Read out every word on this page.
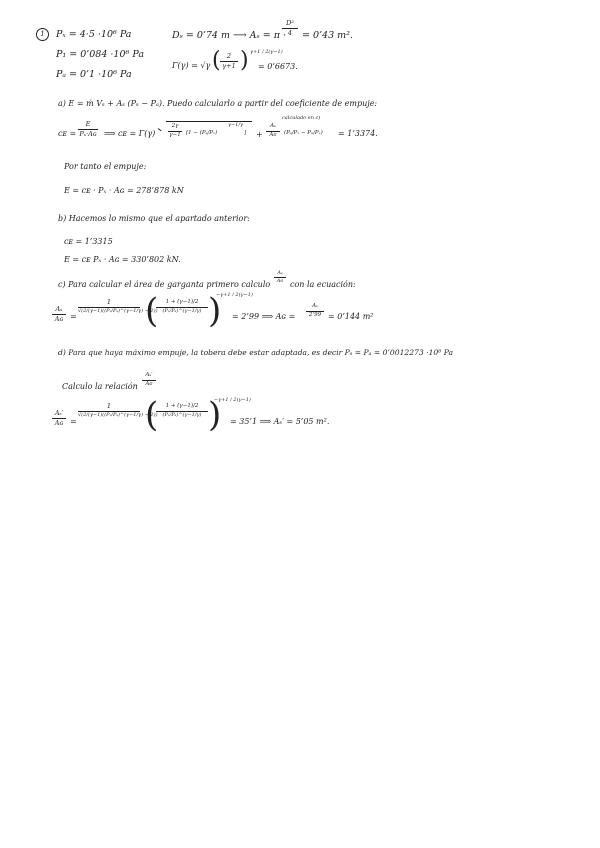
1	Pₓ = 4·5 ·10⁶ Pa
P₁ = 0’084 ·10⁶ Pa
Pₐ = 0’1 ·10⁶ Pa
Dₛ = 0’74 m ⟶ Aₛ = π ·
D²
4	= 0’43 m².
Γ(γ) = √γ ( 2
γ+1 ) γ+1 / 2(γ−1)
= 0’6673.
a) E = ṁ Vₛ + Aₛ (Pₛ − Pₐ). Puedo calcularlo a partir del coeficiente de empuje:
calculado en c)
cᴇ =
E
Pₓ·Aɢ ⟹ cᴇ = Γ(γ)
2γ
γ−1 [1 − (Pₛ/Pₓ)
γ−1/γ
] +
Aₛ
Aɢ	(Pₛ/Pₓ − Pₐ/Pₓ) = 1’3374.
Por tanto el empuje:
E = cᴇ · Pₓ · Aɢ = 278’878 kN
b) Hacemos lo mismo que el apartado anterior:
cᴇ = 1’3315
E = cᴇ Pₓ · Aɢ = 330’802 kN.
c) Para calcular el área de garganta primero calculo
Aₛ
Aɢ con la ecuación:
Aₛ
Aɢ =
1
√(2/(γ−1)((Pₓ/Pₛ)^(γ−1/γ) − 1))
(	1 + (γ−1)/2
(Pₓ/Pₛ)^(γ−1/γ) )
−γ+1 / 2(γ−1)
= 2’99 ⟹ Aɢ =
Aₛ
2’99 = 0’144 m²
d) Para que haya máximo empuje, la tobera debe estar adaptada, es decir Pₛ = Pₐ = 0’0012273 ·10⁶ Pa
Calculo la relación
Aₛ′
Aɢ
Aₛ′
Aɢ =
1
√(2/(γ−1)((Pₓ/Pₛ)^(γ−1/γ) − 1))
(	1 + (γ−1)/2
(Pₓ/Pₛ)^(γ−1/γ) )
−γ+1 / 2(γ−1)
= 35’1 ⟹ Aₛ′ = 5’05 m².
